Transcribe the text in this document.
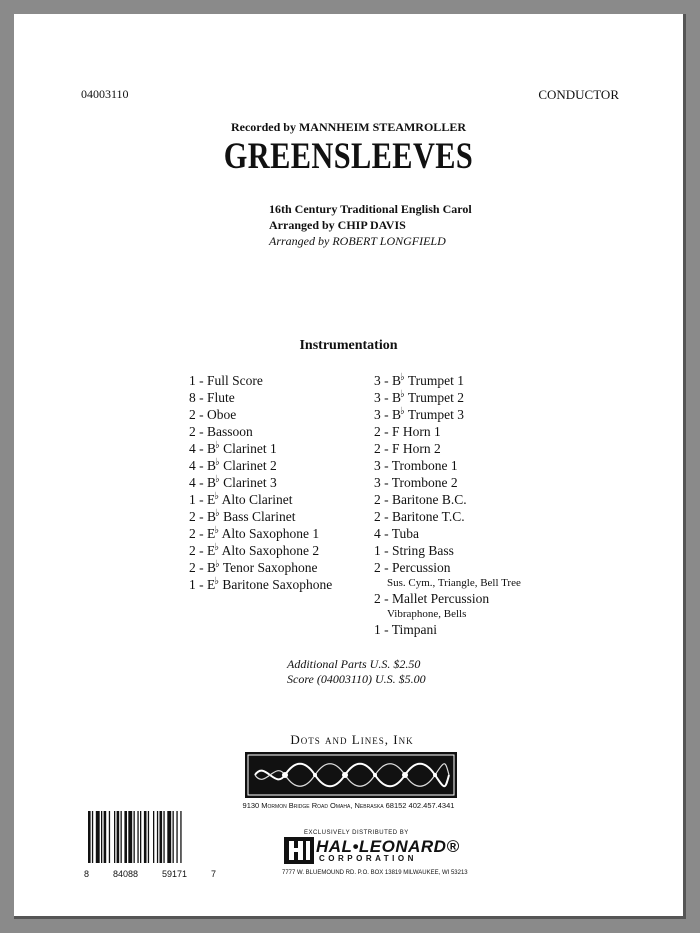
04003110	CONDUCTOR
Recorded by MANNHEIM STEAMROLLER
GREENSLEEVES
16th Century Traditional English Carol
Arranged by CHIP DAVIS
Arranged by ROBERT LONGFIELD
Instrumentation
1 - Full Score
8 - Flute
2 - Oboe
2 - Bassoon
4 - B♭ Clarinet 1
4 - B♭ Clarinet 2
4 - B♭ Clarinet 3
1 - E♭ Alto Clarinet
2 - B♭ Bass Clarinet
2 - E♭ Alto Saxophone 1
2 - E♭ Alto Saxophone 2
2 - B♭ Tenor Saxophone
1 - E♭ Baritone Saxophone
3 - B♭ Trumpet 1
3 - B♭ Trumpet 2
3 - B♭ Trumpet 3
2 - F Horn 1
2 - F Horn 2
3 - Trombone 1
3 - Trombone 2
2 - Baritone B.C.
2 - Baritone T.C.
4 - Tuba
1 - String Bass
2 - Percussion
Sus. Cym., Triangle, Bell Tree
2 - Mallet Percussion
Vibraphone, Bells
1 - Timpani
Additional Parts U.S. $2.50
Score (04003110) U.S. $5.00
Dots and Lines, Ink
9130 Mormon Bridge Road Omaha, Nebraska 68152 402.457.4341
8	84088	59171	7
EXCLUSIVELY DISTRIBUTED BY
HAL•LEONARD®
CORPORATION
7777 W. BLUEMOUND RD. P.O. BOX 13819 MILWAUKEE, WI 53213
